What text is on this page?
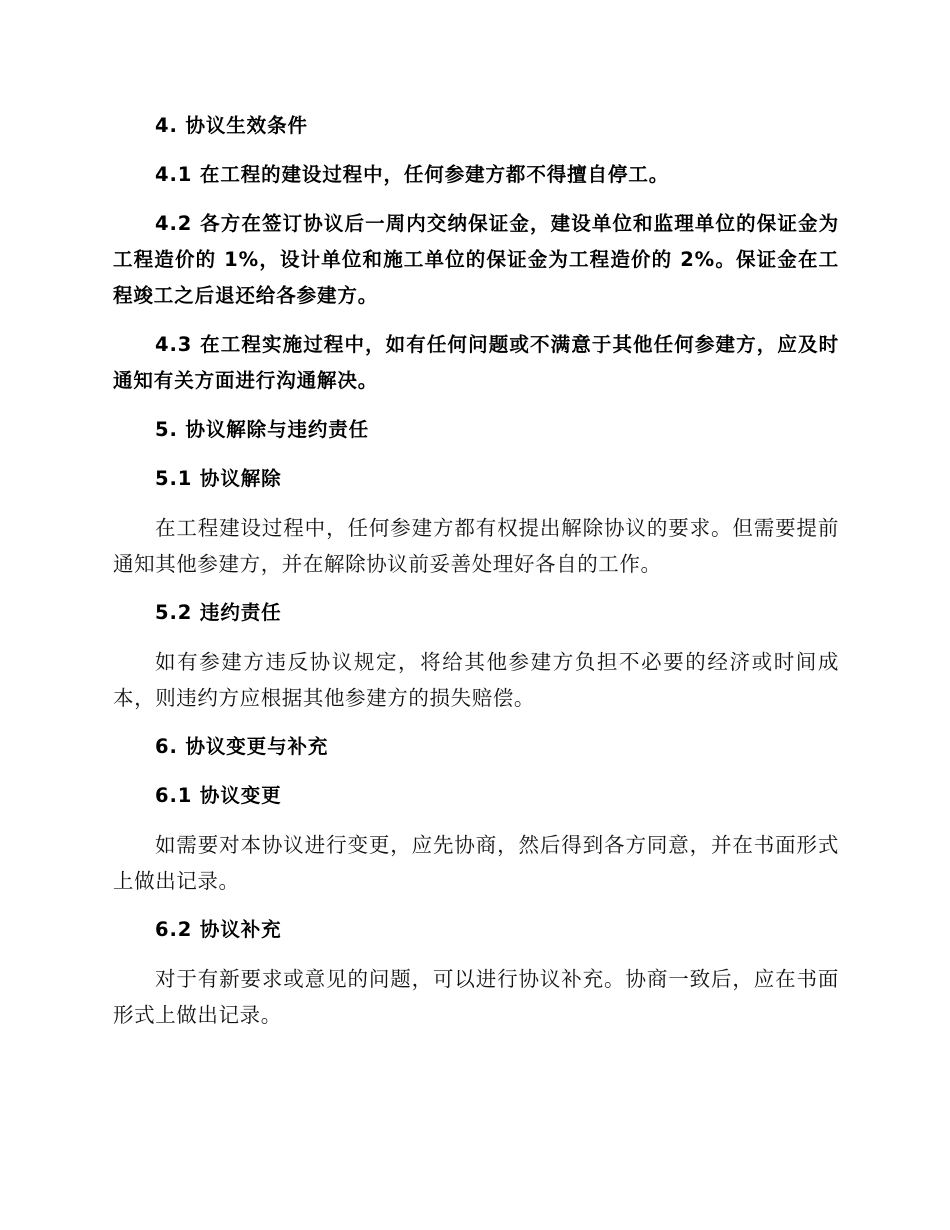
4. 协议生效条件

4.1 在工程的建设过程中，任何参建方都不得擅自停工。

4.2 各方在签订协议后一周内交纳保证金，建设单位和监理单位的保证金为工程造价的 1%，设计单位和施工单位的保证金为工程造价的 2%。保证金在工程竣工之后退还给各参建方。

4.3 在工程实施过程中，如有任何问题或不满意于其他任何参建方，应及时通知有关方面进行沟通解决。

5. 协议解除与违约责任

5.1 协议解除

在工程建设过程中，任何参建方都有权提出解除协议的要求。但需要提前通知其他参建方，并在解除协议前妥善处理好各自的工作。

5.2 违约责任

如有参建方违反协议规定，将给其他参建方负担不必要的经济或时间成本，则违约方应根据其他参建方的损失赔偿。

6. 协议变更与补充

6.1 协议变更

如需要对本协议进行变更，应先协商，然后得到各方同意，并在书面形式上做出记录。

6.2 协议补充

对于有新要求或意见的问题，可以进行协议补充。协商一致后，应在书面形式上做出记录。
